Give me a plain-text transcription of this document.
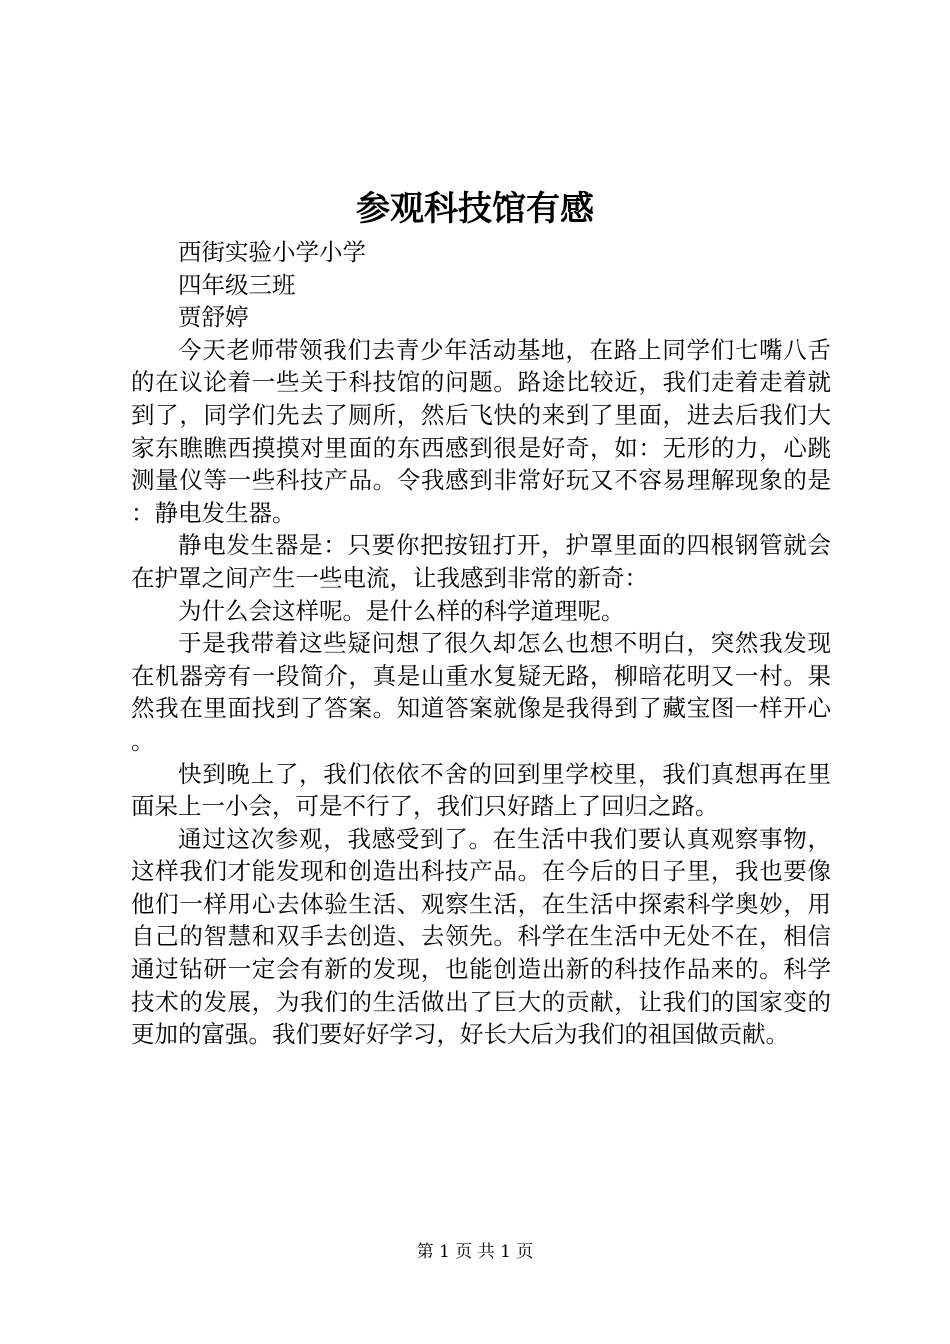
参观科技馆有感

西街实验小学小学

四年级三班

贾舒婷

今天老师带领我们去青少年活动基地，在路上同学们七嘴八舌的在议论着一些关于科技馆的问题。路途比较近，我们走着走着就到了，同学们先去了厕所，然后飞快的来到了里面，进去后我们大家东瞧瞧西摸摸对里面的东西感到很是好奇，如：无形的力，心跳测量仪等一些科技产品。令我感到非常好玩又不容易理解现象的是：静电发生器。

静电发生器是：只要你把按钮打开，护罩里面的四根钢管就会在护罩之间产生一些电流，让我感到非常的新奇：

为什么会这样呢。是什么样的科学道理呢。

于是我带着这些疑问想了很久却怎么也想不明白，突然我发现在机器旁有一段简介，真是山重水复疑无路，柳暗花明又一村。果然我在里面找到了答案。知道答案就像是我得到了藏宝图一样开心。

快到晚上了，我们依依不舍的回到里学校里，我们真想再在里面呆上一小会，可是不行了，我们只好踏上了回归之路。

通过这次参观，我感受到了。在生活中我们要认真观察事物，这样我们才能发现和创造出科技产品。在今后的日子里，我也要像他们一样用心去体验生活、观察生活，在生活中探索科学奥妙，用自己的智慧和双手去创造、去领先。科学在生活中无处不在，相信通过钻研一定会有新的发现，也能创造出新的科技作品来的。科学技术的发展，为我们的生活做出了巨大的贡献，让我们的国家变的更加的富强。我们要好好学习，好长大后为我们的祖国做贡献。

第 1 页 共 1 页
